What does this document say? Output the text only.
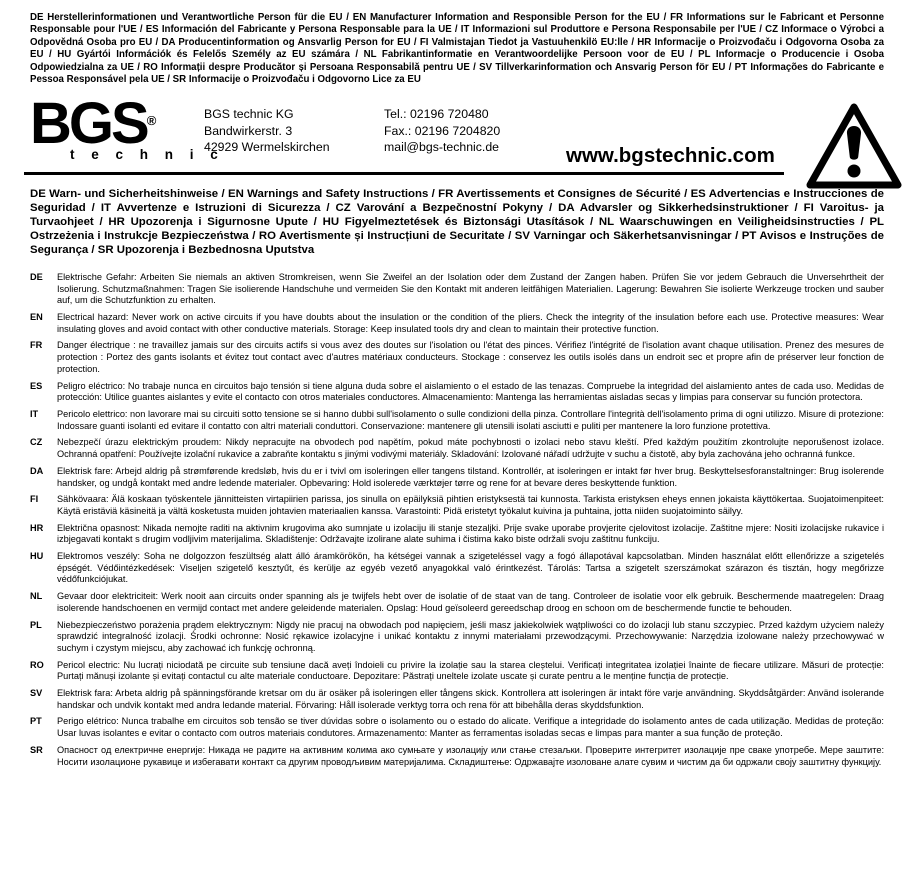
DE Herstellerinformationen und Verantwortliche Person für die EU / EN Manufacturer Information and Responsible Person for the EU / FR Informations sur le Fabricant et Personne Responsable pour l'UE / ES Información del Fabricante y Persona Responsable para la UE / IT Informazioni sul Produttore e Persona Responsabile per l'UE / CZ Informace o Výrobci a Odpovědná Osoba pro EU / DA Producentinformation og Ansvarlig Person for EU / FI Valmistajan Tiedot ja Vastuuhenkilö EU:lle / HR Informacije o Proizvođaču i Odgovorna Osoba za EU / HU Gyártói Információk és Felelős Személy az EU számára / NL Fabrikantinformatie en Verantwoordelijke Persoon voor de EU / PL Informacje o Producencie i Osoba Odpowiedzialna za UE / RO Informații despre Producător și Persoana Responsabilă pentru UE / SV Tillverkarinformation och Ansvarig Person för EU / PT Informações do Fabricante e Pessoa Responsável pela UE / SR Informacije o Proizvođaču i Odgovorno Lice za EU

BGS®
t e c h n i c
BGS technic KG
Bandwirkerstr. 3
42929 Wermelskirchen
Tel.: 02196 720480
Fax.: 02196 7204820
mail@bgs-technic.de	www.bgstechnic.com

DE Warn- und Sicherheitshinweise / EN Warnings and Safety Instructions / FR Avertissements et Consignes de Sécurité / ES Advertencias e Instrucciones de Seguridad / IT Avvertenze e Istruzioni di Sicurezza / CZ Varování a Bezpečnostní Pokyny / DA Advarsler og Sikkerhedsinstruktioner / FI Varoitus- ja Turvaohjeet / HR Upozorenja i Sigurnosne Upute / HU Figyelmeztetések és Biztonsági Utasítások / NL Waarschuwingen en Veiligheidsinstructies / PL Ostrzeżenia i Instrukcje Bezpieczeństwa / RO Avertismente și Instrucțiuni de Securitate / SV Varningar och Säkerhetsanvisningar / PT Avisos e Instruções de Segurança / SR Upozorenja i Bezbednosna Uputstva

DE	Elektrische Gefahr: Arbeiten Sie niemals an aktiven Stromkreisen, wenn Sie Zweifel an der Isolation oder dem Zustand der Zangen haben. Prüfen Sie vor jedem Gebrauch die Unversehrtheit der Isolierung. Schutzmaßnahmen: Tragen Sie isolierende Handschuhe und vermeiden Sie den Kontakt mit anderen leitfähigen Materialien. Lagerung: Bewahren Sie isolierte Werkzeuge trocken und sauber auf, um die Schutzfunktion zu erhalten.
EN	Electrical hazard: Never work on active circuits if you have doubts about the insulation or the condition of the pliers. Check the integrity of the insulation before each use. Protective measures: Wear insulating gloves and avoid contact with other conductive materials. Storage: Keep insulated tools dry and clean to maintain their protective function.
FR	Danger électrique : ne travaillez jamais sur des circuits actifs si vous avez des doutes sur l'isolation ou l'état des pinces. Vérifiez l'intégrité de l'isolation avant chaque utilisation. Prenez des mesures de protection : Portez des gants isolants et évitez tout contact avec d'autres matériaux conducteurs. Stockage : conservez les outils isolés dans un endroit sec et propre afin de préserver leur fonction de protection.
ES	Peligro eléctrico: No trabaje nunca en circuitos bajo tensión si tiene alguna duda sobre el aislamiento o el estado de las tenazas. Compruebe la integridad del aislamiento antes de cada uso. Medidas de protección: Utilice guantes aislantes y evite el contacto con otros materiales conductores. Almacenamiento: Mantenga las herramientas aisladas secas y limpias para conservar su función protectora.
IT	Pericolo elettrico: non lavorare mai su circuiti sotto tensione se si hanno dubbi sull'isolamento o sulle condizioni della pinza. Controllare l'integrità dell'isolamento prima di ogni utilizzo. Misure di protezione: Indossare guanti isolanti ed evitare il contatto con altri materiali conduttori. Conservazione: mantenere gli utensili isolati asciutti e puliti per mantenere la loro funzione protettiva.
CZ	Nebezpečí úrazu elektrickým proudem: Nikdy nepracujte na obvodech pod napětím, pokud máte pochybnosti o izolaci nebo stavu kleští. Před každým použitím zkontrolujte neporušenost izolace. Ochranná opatření: Používejte izolační rukavice a zabraňte kontaktu s jinými vodivými materiály. Skladování: Izolované nářadí udržujte v suchu a čistotě, aby byla zachována jeho ochranná funkce.
DA	Elektrisk fare: Arbejd aldrig på strømførende kredsløb, hvis du er i tvivl om isoleringen eller tangens tilstand. Kontrollér, at isoleringen er intakt før hver brug. Beskyttelsesforanstaltninger: Brug isolerende handsker, og undgå kontakt med andre ledende materialer. Opbevaring: Hold isolerede værktøjer tørre og rene for at bevare deres beskyttende funktion.
FI	Sähkövaara: Älä koskaan työskentele jännitteisten virtapiirien parissa, jos sinulla on epäilyksiä pihtien eristyksestä tai kunnosta. Tarkista eristyksen eheys ennen jokaista käyttökertaa. Suojatoimenpiteet: Käytä eristäviä käsineitä ja vältä kosketusta muiden johtavien materiaalien kanssa. Varastointi: Pidä eristetyt työkalut kuivina ja puhtaina, jotta niiden suojatoiminto säilyy.
HR	Električna opasnost: Nikada nemojte raditi na aktivnim krugovima ako sumnjate u izolaciju ili stanje stezaljki. Prije svake uporabe provjerite cjelovitost izolacije. Zaštitne mjere: Nositi izolacijske rukavice i izbjegavati kontakt s drugim vodljivim materijalima. Skladištenje: Održavajte izolirane alate suhima i čistima kako biste održali svoju zaštitnu funkciju.
HU	Elektromos veszély: Soha ne dolgozzon feszültség alatt álló áramkörökön, ha kétségei vannak a szigeteléssel vagy a fogó állapotával kapcsolatban. Minden használat előtt ellenőrizze a szigetelés épségét. Védőintézkedések: Viseljen szigetelő kesztyűt, és kerülje az egyéb vezető anyagokkal való érintkezést. Tárolás: Tartsa a szigetelt szerszámokat szárazon és tisztán, hogy megőrizze védőfunkciójukat.
NL	Gevaar door elektriciteit: Werk nooit aan circuits onder spanning als je twijfels hebt over de isolatie of de staat van de tang. Controleer de isolatie voor elk gebruik. Beschermende maatregelen: Draag isolerende handschoenen en vermijd contact met andere geleidende materialen. Opslag: Houd geïsoleerd gereedschap droog en schoon om de beschermende functie te behouden.
PL	Niebezpieczeństwo porażenia prądem elektrycznym: Nigdy nie pracuj na obwodach pod napięciem, jeśli masz jakiekolwiek wątpliwości co do izolacji lub stanu szczypiec. Przed każdym użyciem należy sprawdzić integralność izolacji. Środki ochronne: Nosić rękawice izolacyjne i unikać kontaktu z innymi materiałami przewodzącymi. Przechowywanie: Narzędzia izolowane należy przechowywać w suchym i czystym miejscu, aby zachować ich funkcję ochronną.
RO	Pericol electric: Nu lucrați niciodată pe circuite sub tensiune dacă aveți îndoieli cu privire la izolație sau la starea cleștelui. Verificați integritatea izolației înainte de fiecare utilizare. Măsuri de protecție: Purtați mănuși izolante și evitați contactul cu alte materiale conductoare. Depozitare: Păstrați uneltele izolate uscate și curate pentru a le menține funcția de protecție.
SV	Elektrisk fara: Arbeta aldrig på spänningsförande kretsar om du är osäker på isoleringen eller tångens skick. Kontrollera att isoleringen är intakt före varje användning. Skyddsåtgärder: Använd isolerande handskar och undvik kontakt med andra ledande material. Förvaring: Håll isolerade verktyg torra och rena för att bibehålla deras skyddsfunktion.
PT	Perigo elétrico: Nunca trabalhe em circuitos sob tensão se tiver dúvidas sobre o isolamento ou o estado do alicate. Verifique a integridade do isolamento antes de cada utilização. Medidas de proteção: Usar luvas isolantes e evitar o contacto com outros materiais condutores. Armazenamento: Manter as ferramentas isoladas secas e limpas para manter a sua função de proteção.
SR	Опасност од електричне енергије: Никада не радите на активним колима ако сумњате у изолацију или стање стезаљки. Проверите интегритет изолације пре сваке употребе. Мере заштите: Носити изолационе рукавице и избегавати контакт са другим проводљивим материјалима. Складиштење: Одржавајте изоловане алате сувим и чистим да би одржали своју заштитну функцију.
